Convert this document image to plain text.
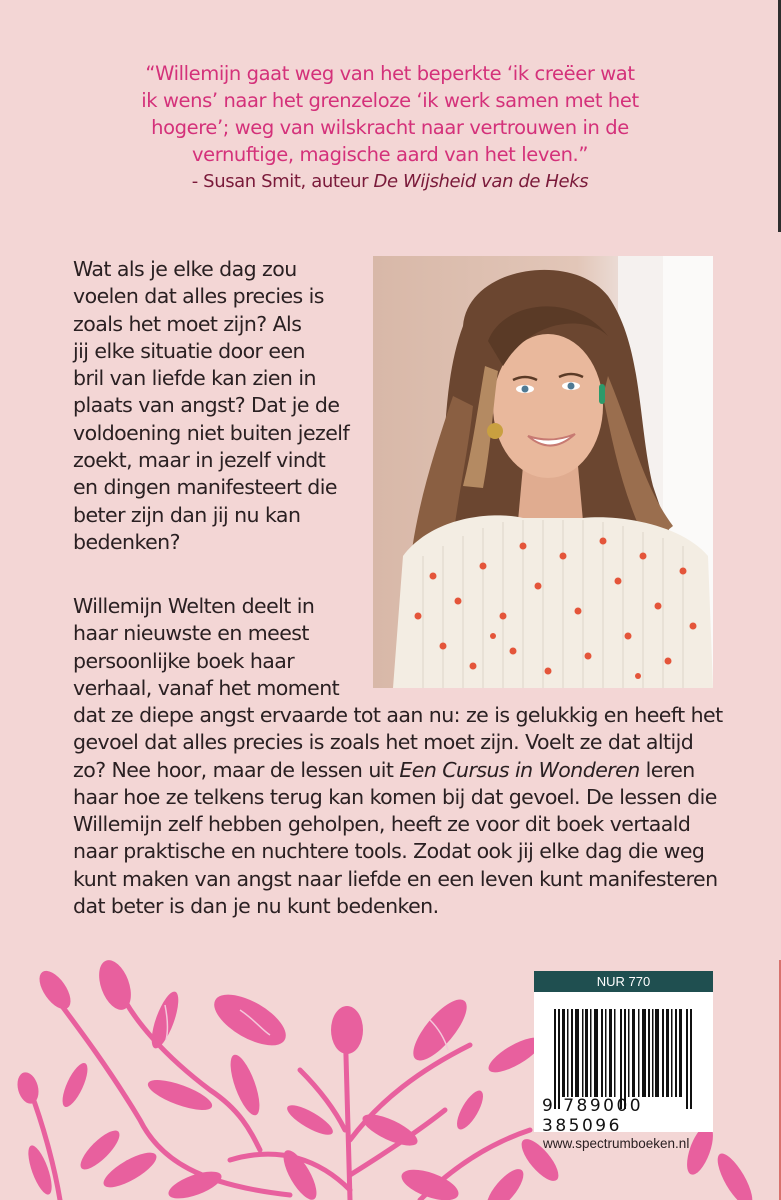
“Willemijn gaat weg van het beperkte ‘ik creëer wat

ik wens’ naar het grenzeloze ‘ik werk samen met het

hogere’; weg van wilskracht naar vertrouwen in de

vernuftige, magische aard van het leven.”

- Susan Smit, auteur De Wijsheid van de Heks

Wat als je elke dag zou
voelen dat alles precies is
zoals het moet zijn? Als
jij elke situatie door een
bril van liefde kan zien in
plaats van angst? Dat je de
voldoening niet buiten jezelf
zoekt, maar in jezelf vindt
en dingen manifesteert die
beter zijn dan jij nu kan
bedenken?
Willemijn Welten deelt in
haar nieuwste en meest
persoonlijke boek haar
verhaal, vanaf het moment
dat ze diepe angst ervaarde tot aan nu: ze is gelukkig en heeft het
gevoel dat alles precies is zoals het moet zijn. Voelt ze dat altijd
zo? Nee hoor, maar de lessen uit Een Cursus in Wonderen leren
haar hoe ze telkens terug kan komen bij dat gevoel. De lessen die
Willemijn zelf hebben geholpen, heeft ze voor dit boek vertaald
naar praktische en nuchtere tools. Zodat ook jij elke dag die weg
kunt maken van angst naar liefde en een leven kunt manifesteren
dat beter is dan je nu kunt bedenken.
NUR 770
9 789000 385096
www.spectrumboeken.nl
